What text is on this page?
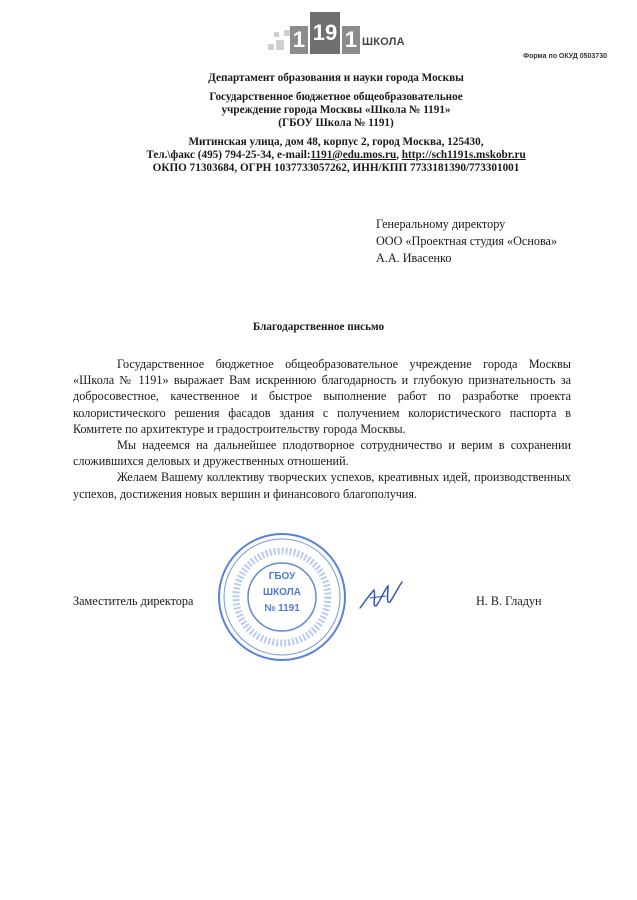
1 19 1 ШКОЛА
Форма по ОКУД 0503730
Департамент образования и науки города Москвы
Государственное бюджетное общеобразовательное
учреждение города Москвы «Школа № 1191»
(ГБОУ Школа № 1191)
Митинская улица, дом 48, корпус 2, город Москва, 125430,
Тел.\факс (495) 794-25-34, e-mail:1191@edu.mos.ru, http://sch1191s.mskobr.ru
ОКПО 71303684, ОГРН 1037733057262, ИНН/КПП 7733181390/773301001
Генеральному директору
ООО «Проектная студия «Основа»
А.А. Ивасенко
Благодарственное письмо

Государственное бюджетное общеобразовательное учреждение города Москвы «Школа № 1191» выражает Вам искреннюю благодарность и глубокую признательность за добросовестное, качественное и быстрое выполнение работ по разработке проекта колористического решения фасадов здания с получением колористического паспорта в Комитете по архитектуре и градостроительству города Москвы.

Мы надеемся на дальнейшее плодотворное сотрудничество и верим в сохранении сложившихся деловых и дружественных отношений.

Желаем Вашему коллективу творческих успехов, креативных идей, производственных успехов, достижения новых вершин и финансового благополучия.

Заместитель директора
ГБОУ
ШКОЛА
№ 1191
Н. В. Гладун
